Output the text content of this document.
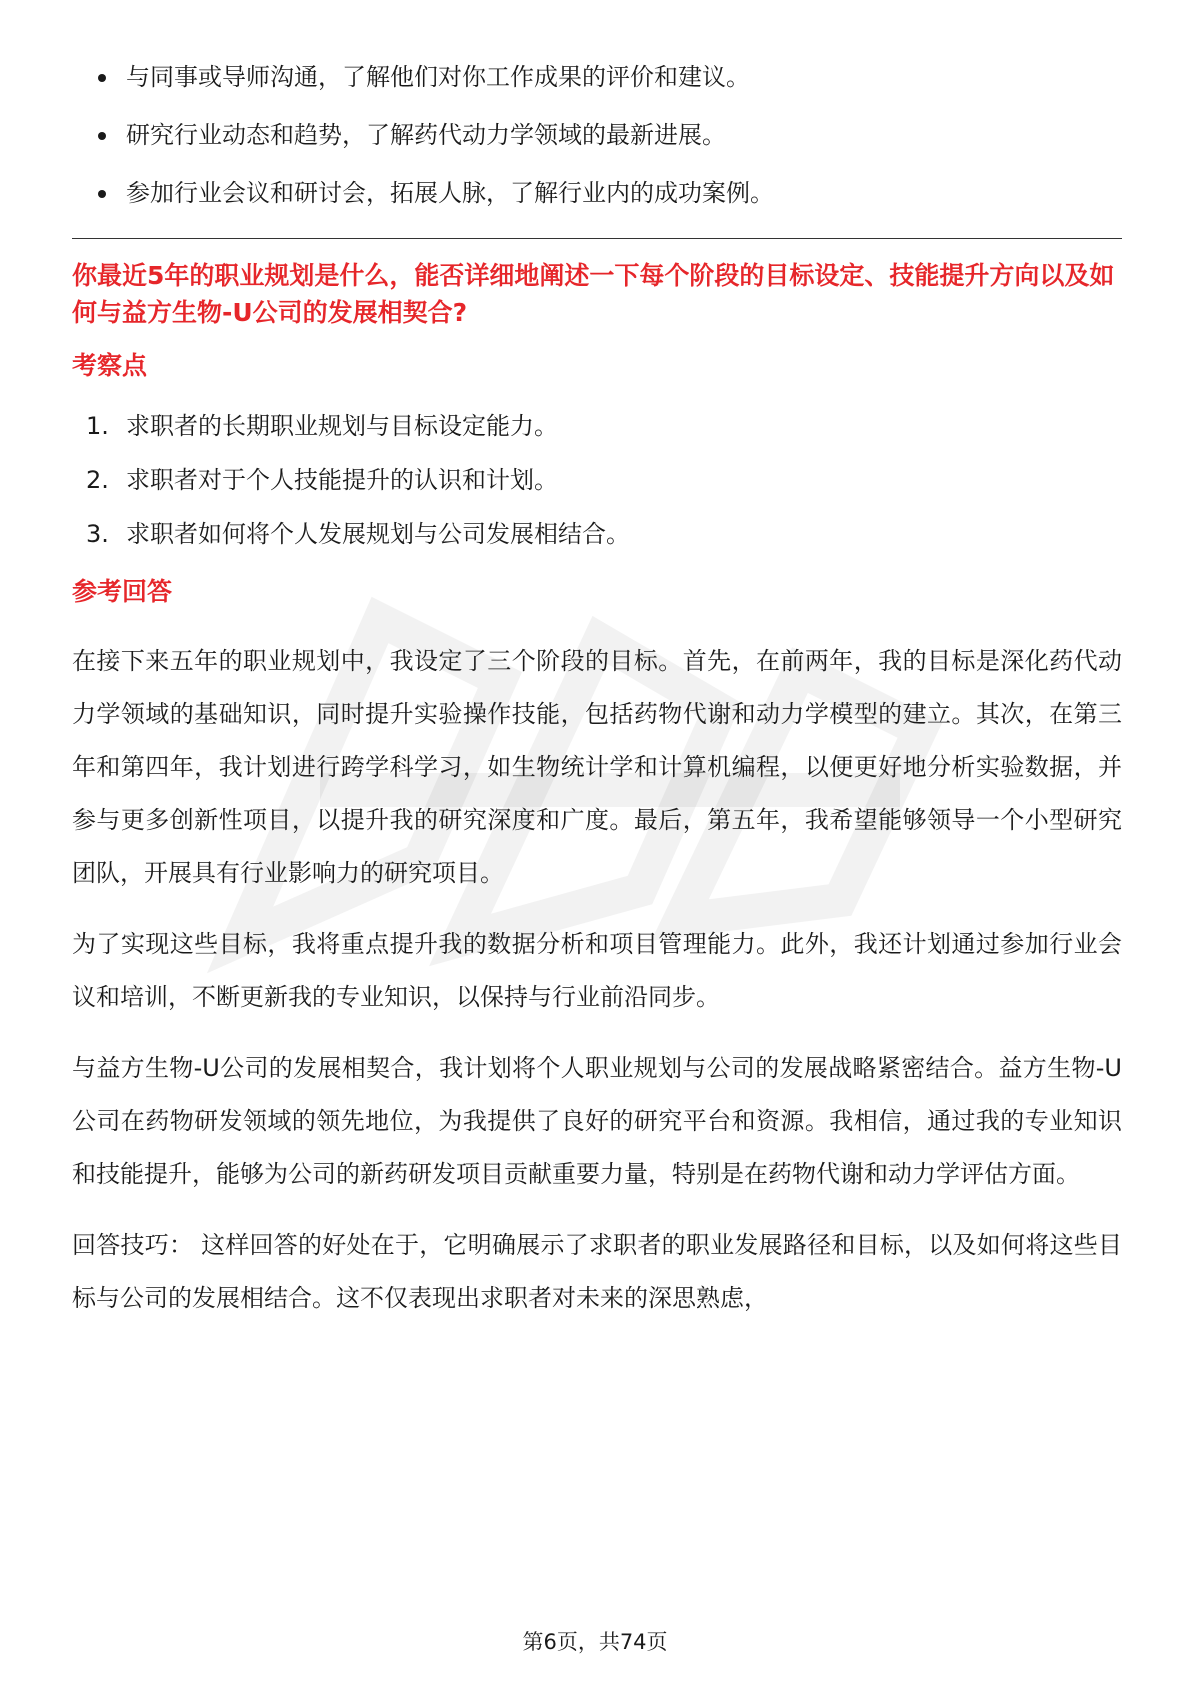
与同事或导师沟通，了解他们对你工作成果的评价和建议。
研究行业动态和趋势，了解药代动力学领域的最新进展。
参加行业会议和研讨会，拓展人脉，了解行业内的成功案例。
你最近5年的职业规划是什么，能否详细地阐述一下每个阶段的目标设定、技能提升方向以及如何与益方生物-U公司的发展相契合?
考察点
1. 求职者的长期职业规划与目标设定能力。
2. 求职者对于个人技能提升的认识和计划。
3. 求职者如何将个人发展规划与公司发展相结合。
参考回答

在接下来五年的职业规划中，我设定了三个阶段的目标。首先，在前两年，我的目标是深化药代动力学领域的基础知识，同时提升实验操作技能，包括药物代谢和动力学模型的建立。其次，在第三年和第四年，我计划进行跨学科学习，如生物统计学和计算机编程，以便更好地分析实验数据，并参与更多创新性项目，以提升我的研究深度和广度。最后，第五年，我希望能够领导一个小型研究团队，开展具有行业影响力的研究项目。

为了实现这些目标，我将重点提升我的数据分析和项目管理能力。此外，我还计划通过参加行业会议和培训，不断更新我的专业知识，以保持与行业前沿同步。

与益方生物-U公司的发展相契合，我计划将个人职业规划与公司的发展战略紧密结合。益方生物-U公司在药物研发领域的领先地位，为我提供了良好的研究平台和资源。我相信，通过我的专业知识和技能提升，能够为公司的新药研发项目贡献重要力量，特别是在药物代谢和动力学评估方面。

回答技巧： 这样回答的好处在于，它明确展示了求职者的职业发展路径和目标，以及如何将这些目标与公司的发展相结合。这不仅表现出求职者对未来的深思熟虑，

第6页，共74页
